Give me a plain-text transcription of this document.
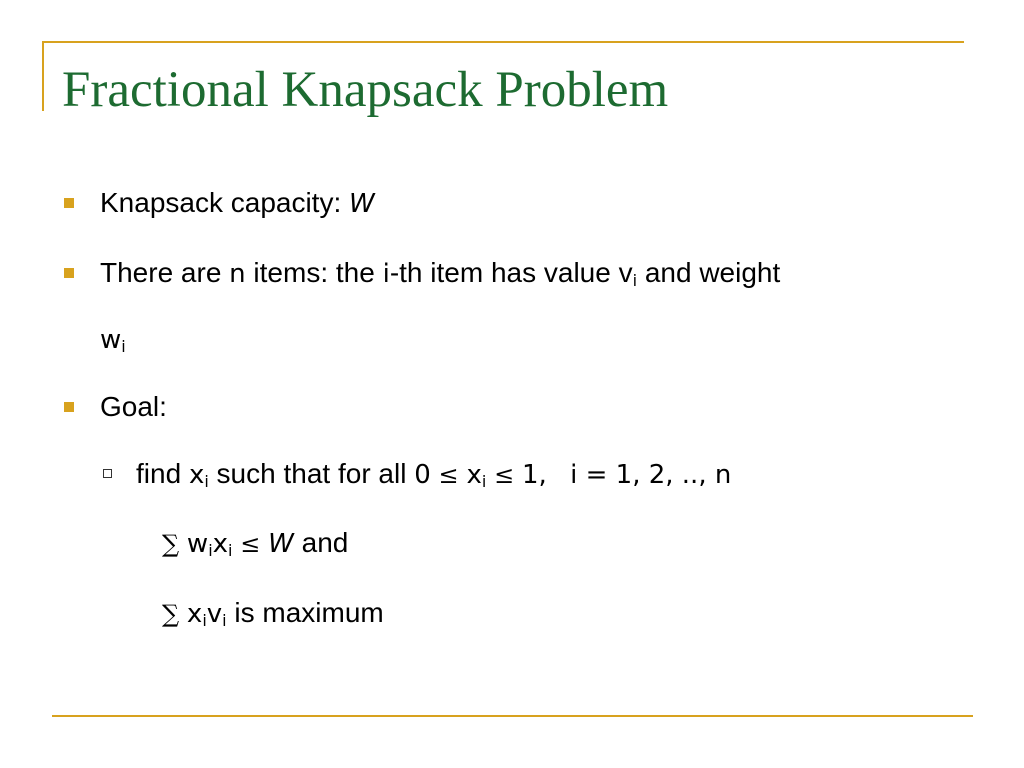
Fractional Knapsack Problem
Knapsack capacity: W
There are n items: the i-th item has value $v_i$ and weight
$w_i$
Goal:
find $x_i$ such that for all $0 \le x_i \le 1$, i = 1, 2, .., n
∑ $w_ix_i \le W$ and
∑ $x_iv_i$ is maximum
